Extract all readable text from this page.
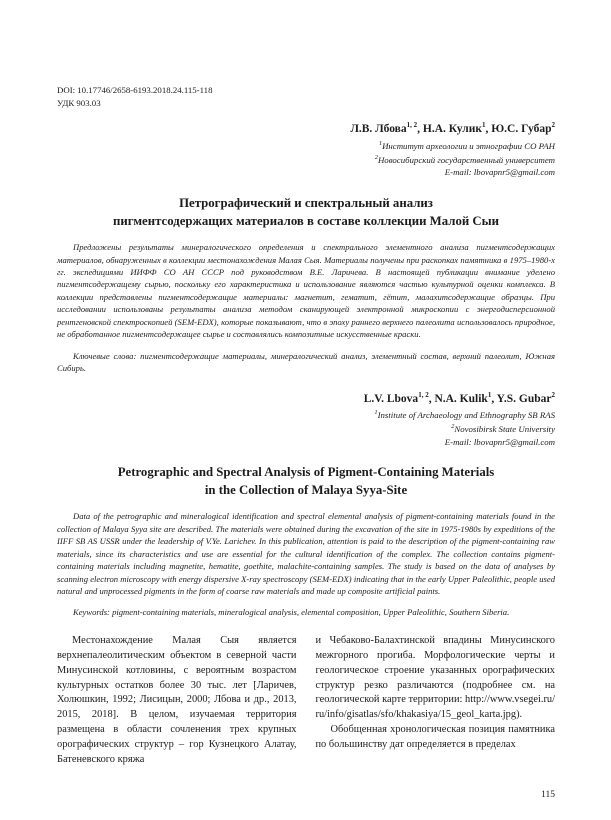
DOI: 10.17746/2658-6193.2018.24.115-118
УДК 903.03
Л.В. Лбова$^{1, 2}$, Н.А. Кулик$^1$, Ю.С. Губар$^2$
$^1$Институт археологии и этнографии СО РАН
$^2$Новосибирский государственный университет
E-mail: lbovapnr5@gmail.com
Петрографический и спектральный анализ
пигментсодержащих материалов в составе коллекции Малой Сыи

Предложены результаты минералогического определения и спектрального элементного анализа пигментсодержащих материалов, обнаруженных в коллекции местонахождения Малая Сыя. Материалы получены при раскопках памятника в 1975–1980-х гг. экспедициями ИИФФ СО АН СССР под руководством В.Е. Ларичева. В настоящей публикации внимание уделено пигментсодержащему сырью, поскольку его характеристика и использование являются частью культурной оценки комплекса. В коллекции представлены пигментсодержащие материалы: магнетит, гематит, гётит, малахитсодержащие образцы. При исследовании использованы результаты анализа методом сканирующей электронной микроскопии с энергодисперсионной рентгеновской спектроскопией (SEM-EDX), которые показывают, что в эпоху раннего верхнего палеолита использовалось природное, не обработанное пигментсодержащее сырье и составлялись композитные искусственные краски.

Ключевые слова: пигментсодержащие материалы, минералогический анализ, элементный состав, верхний палеолит, Южная Сибирь.

L.V. Lbova$^{1, 2}$, N.A. Kulik$^1$, Y.S. Gubar$^2$
$^1$Institute of Archaeology and Ethnography SB RAS
$^2$Novosibirsk State University
E-mail: lbovapnr5@gmail.com
Petrographic and Spectral Analysis of Pigment-Containing Materials
in the Collection of Malaya Syya-Site

Data of the petrographic and mineralogical identification and spectral elemental analysis of pigment-containing materials found in the collection of Malaya Syya site are described. The materials were obtained during the excavation of the site in 1975-1980s by expeditions of the IIFF SB AS USSR under the leadership of V.Ye. Larichev. In this publication, attention is paid to the description of the pigment-containing raw materials, since its characteristics and use are essential for the cultural identification of the complex. The collection contains pigment-containing materials including magnetite, hematite, goethite, malachite-containing samples. The study is based on the data of analyses by scanning electron microscopy with energy dispersive X-ray spectroscopy (SEM-EDX) indicating that in the early Upper Paleolithic, people used natural and unprocessed pigments in the form of coarse raw materials and made up composite artificial paints.

Keywords: pigment-containing materials, mineralogical analysis, elemental composition, Upper Paleolithic, Southern Siberia.

Местонахождение Малая Сыя является верхнепалеолитическим объектом в северной части Минусинской котловины, с вероятным возрастом культурных остатков более 30 тыс. лет [Ларичев, Холюшкин, 1992; Лисицын, 2000; Лбова и др., 2013, 2015, 2018]. В целом, изучаемая территория размещена в области сочленения трех крупных орографических структур – гор Кузнецкого Алатау, Батеневского кряжа

и Чебаково-Балахтинской впадины Минусинского межгорного прогиба. Морфологические черты и геологическое строение указанных орографических структур резко различаются (подробнее см. на геологической карте территории: http://www.vsegei.ru/ru/info/gisatlas/sfo/khakasiya/15_geol_karta.jpg).

Обобщенная хронологическая позиция памятника по большинству дат определяется в пределах

115
